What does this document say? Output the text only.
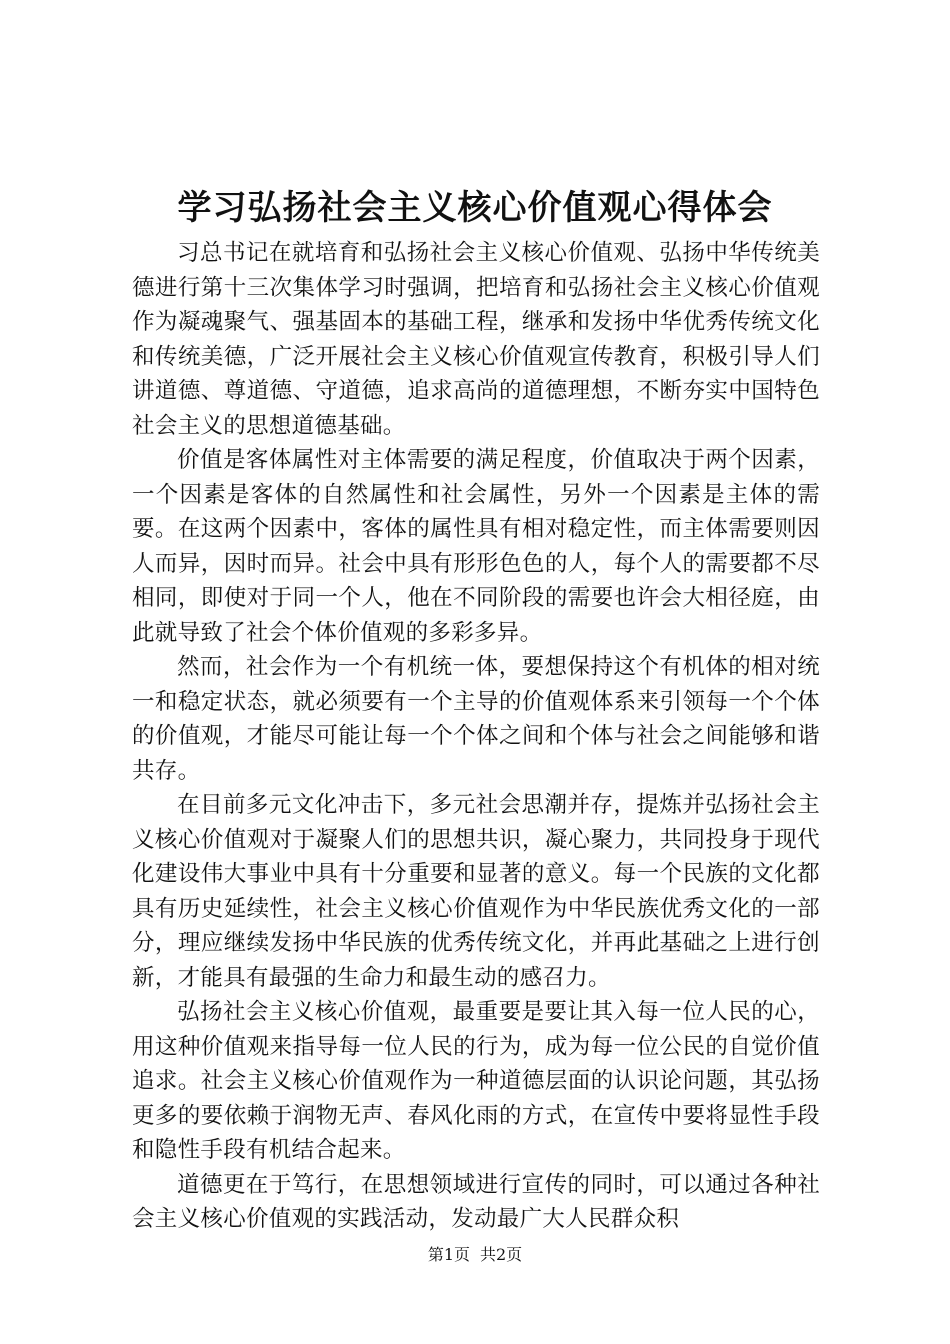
学习弘扬社会主义核心价值观心得体会

习总书记在就培育和弘扬社会主义核心价值观、弘扬中华传统美德进行第十三次集体学习时强调，把培育和弘扬社会主义核心价值观作为凝魂聚气、强基固本的基础工程，继承和发扬中华优秀传统文化和传统美德，广泛开展社会主义核心价值观宣传教育，积极引导人们讲道德、尊道德、守道德，追求高尚的道德理想，不断夯实中国特色社会主义的思想道德基础。

价值是客体属性对主体需要的满足程度，价值取决于两个因素，一个因素是客体的自然属性和社会属性，另外一个因素是主体的需要。在这两个因素中，客体的属性具有相对稳定性，而主体需要则因人而异，因时而异。社会中具有形形色色的人，每个人的需要都不尽相同，即使对于同一个人，他在不同阶段的需要也许会大相径庭，由此就导致了社会个体价值观的多彩多异。

然而，社会作为一个有机统一体，要想保持这个有机体的相对统一和稳定状态，就必须要有一个主导的价值观体系来引领每一个个体的价值观，才能尽可能让每一个个体之间和个体与社会之间能够和谐共存。

在目前多元文化冲击下，多元社会思潮并存，提炼并弘扬社会主义核心价值观对于凝聚人们的思想共识，凝心聚力，共同投身于现代化建设伟大事业中具有十分重要和显著的意义。每一个民族的文化都具有历史延续性，社会主义核心价值观作为中华民族优秀文化的一部分，理应继续发扬中华民族的优秀传统文化，并再此基础之上进行创新，才能具有最强的生命力和最生动的感召力。

弘扬社会主义核心价值观，最重要是要让其入每一位人民的心，用这种价值观来指导每一位人民的行为，成为每一位公民的自觉价值追求。社会主义核心价值观作为一种道德层面的认识论问题，其弘扬更多的要依赖于润物无声、春风化雨的方式，在宣传中要将显性手段和隐性手段有机结合起来。

道德更在于笃行，在思想领域进行宣传的同时，可以通过各种社会主义核心价值观的实践活动，发动最广大人民群众积

第1页 共2页
